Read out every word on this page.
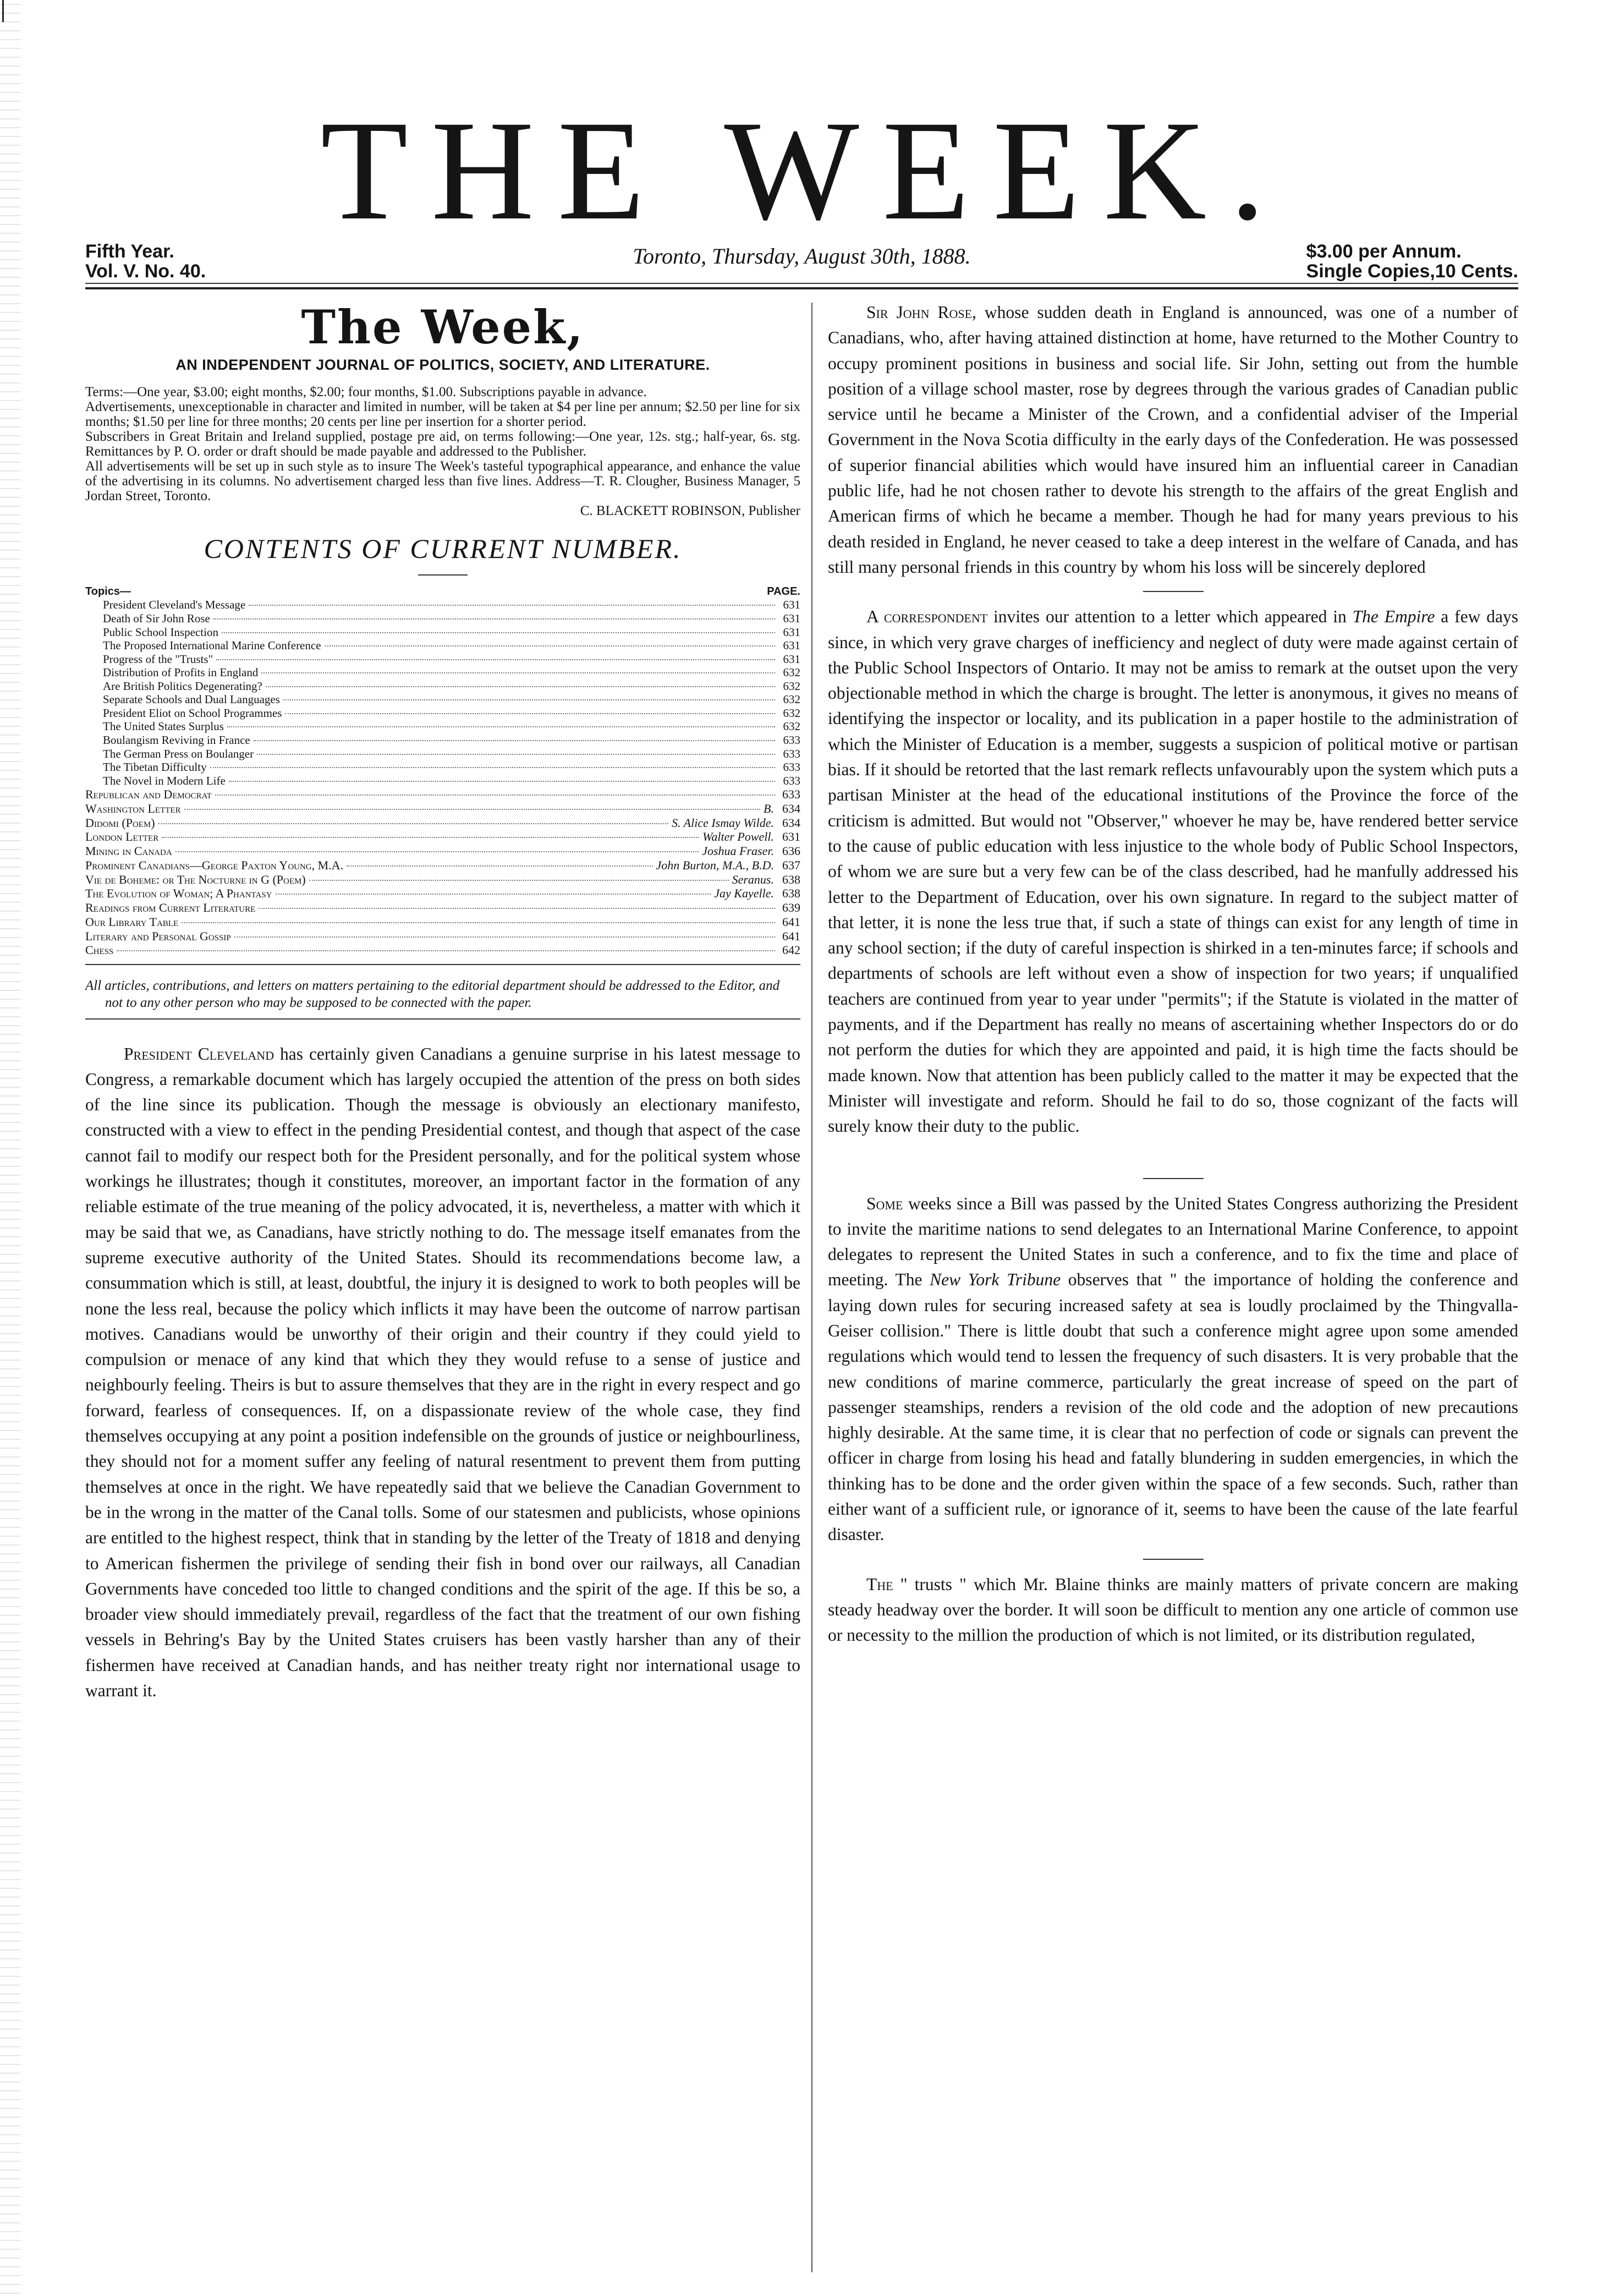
THE WEEK.
Fifth Year.
Vol. V. No. 40.
Toronto, Thursday, August 30th, 1888.	$3.00 per Annum.
Single Copies,10 Cents.
The Week,
AN INDEPENDENT JOURNAL OF POLITICS, SOCIETY, AND LITERATURE.

Terms:—One year, $3.00; eight months, $2.00; four months, $1.00. Subscriptions payable in advance.

Advertisements, unexceptionable in character and limited in number, will be taken at $4 per line per annum; $2.50 per line for six months; $1.50 per line for three months; 20 cents per line per insertion for a shorter period.

Subscribers in Great Britain and Ireland supplied, postage pre aid, on terms following:—One year, 12s. stg.; half-year, 6s. stg. Remittances by P. O. order or draft should be made payable and addressed to the Publisher.

All advertisements will be set up in such style as to insure The Week's tasteful typographical appearance, and enhance the value of the advertising in its columns. No advertisement charged less than five lines. Address—T. R. Clougher, Business Manager, 5 Jordan Street, Toronto.

C. BLACKETT ROBINSON, Publisher

CONTENTS OF CURRENT NUMBER.
Topics—	PAGE.
President Cleveland's Message	631
Death of Sir John Rose	631
Public School Inspection	631
The Proposed International Marine Conference	631
Progress of the "Trusts"	631
Distribution of Profits in England	632
Are British Politics Degenerating?	632
Separate Schools and Dual Languages	632
President Eliot on School Programmes	632
The United States Surplus	632
Boulangism Reviving in France	633
The German Press on Boulanger	633
The Tibetan Difficulty	633
The Novel in Modern Life	633
Republican and Democrat	633
Washington Letter	B. 634
Didomi (Poem)	S. Alice Ismay Wilde. 634
London Letter	Walter Powell. 631
Mining in Canada	Joshua Fraser. 636
Prominent Canadians—George Paxton Young, M.A.	John Burton, M.A., B.D. 637
Vie de Boheme: or The Nocturne in G (Poem)	Seranus. 638
The Evolution of Woman; A Phantasy	Jay Kayelle. 638
Readings from Current Literature	639
Our Library Table	641
Literary and Personal Gossip	641
Chess	642
All articles, contributions, and letters on matters pertaining to the editorial department should be addressed to the Editor, and not to any other person who may be supposed to be connected with the paper.

President Cleveland has certainly given Canadians a genuine surprise in his latest message to Congress, a remarkable document which has largely occupied the attention of the press on both sides of the line since its publication. Though the message is obviously an electionary manifesto, constructed with a view to effect in the pending Presidential contest, and though that aspect of the case cannot fail to modify our respect both for the President personally, and for the political system whose workings he illustrates; though it constitutes, moreover, an important factor in the formation of any reliable estimate of the true meaning of the policy advocated, it is, nevertheless, a matter with which it may be said that we, as Canadians, have strictly nothing to do. The message itself emanates from the supreme executive authority of the United States. Should its recommendations become law, a consummation which is still, at least, doubtful, the injury it is designed to work to both peoples will be none the less real, because the policy which inflicts it may have been the outcome of narrow partisan motives. Canadians would be unworthy of their origin and their country if they could yield to compulsion or menace of any kind that which they they would refuse to a sense of justice and neighbourly feeling. Theirs is but to assure themselves that they are in the right in every respect and go forward, fearless of consequences. If, on a dispassionate review of the whole case, they find themselves occupying at any point a position indefensible on the grounds of justice or neighbourliness, they should not for a moment suffer any feeling of natural resentment to prevent them from putting themselves at once in the right. We have repeatedly said that we believe the Canadian Government to be in the wrong in the matter of the Canal tolls. Some of our statesmen and publicists, whose opinions are entitled to the highest respect, think that in standing by the letter of the Treaty of 1818 and denying to American fishermen the privilege of sending their fish in bond over our railways, all Canadian Governments have conceded too little to changed conditions and the spirit of the age. If this be so, a broader view should immediately prevail, regardless of the fact that the treatment of our own fishing vessels in Behring's Bay by the United States cruisers has been vastly harsher than any of their fishermen have received at Canadian hands, and has neither treaty right nor international usage to warrant it.

Sir John Rose, whose sudden death in England is announced, was one of a number of Canadians, who, after having attained distinction at home, have returned to the Mother Country to occupy prominent positions in business and social life. Sir John, setting out from the humble position of a village school master, rose by degrees through the various grades of Canadian public service until he became a Minister of the Crown, and a confidential adviser of the Imperial Government in the Nova Scotia difficulty in the early days of the Confederation. He was possessed of superior financial abilities which would have insured him an influential career in Canadian public life, had he not chosen rather to devote his strength to the affairs of the great English and American firms of which he became a member. Though he had for many years previous to his death resided in England, he never ceased to take a deep interest in the welfare of Canada, and has still many personal friends in this country by whom his loss will be sincerely deplored

A correspondent invites our attention to a letter which appeared in The Empire a few days since, in which very grave charges of inefficiency and neglect of duty were made against certain of the Public School Inspectors of Ontario. It may not be amiss to remark at the outset upon the very objectionable method in which the charge is brought. The letter is anonymous, it gives no means of identifying the inspector or locality, and its publication in a paper hostile to the administration of which the Minister of Education is a member, suggests a suspicion of political motive or partisan bias. If it should be retorted that the last remark reflects unfavourably upon the system which puts a partisan Minister at the head of the educational institutions of the Province the force of the criticism is admitted. But would not "Observer," whoever he may be, have rendered better service to the cause of public education with less injustice to the whole body of Public School Inspectors, of whom we are sure but a very few can be of the class described, had he manfully addressed his letter to the Department of Education, over his own signature. In regard to the subject matter of that letter, it is none the less true that, if such a state of things can exist for any length of time in any school section; if the duty of careful inspection is shirked in a ten-minutes farce; if schools and departments of schools are left without even a show of inspection for two years; if unqualified teachers are continued from year to year under "permits"; if the Statute is violated in the matter of payments, and if the Department has really no means of ascertaining whether Inspectors do or do not perform the duties for which they are appointed and paid, it is high time the facts should be made known. Now that attention has been publicly called to the matter it may be expected that the Minister will investigate and reform. Should he fail to do so, those cognizant of the facts will surely know their duty to the public.

Some weeks since a Bill was passed by the United States Congress authorizing the President to invite the maritime nations to send delegates to an International Marine Conference, to appoint delegates to represent the United States in such a conference, and to fix the time and place of meeting. The New York Tribune observes that " the importance of holding the conference and laying down rules for securing increased safety at sea is loudly proclaimed by the Thingvalla-Geiser collision." There is little doubt that such a conference might agree upon some amended regulations which would tend to lessen the frequency of such disasters. It is very probable that the new conditions of marine commerce, particularly the great increase of speed on the part of passenger steamships, renders a revision of the old code and the adoption of new precautions highly desirable. At the same time, it is clear that no perfection of code or signals can prevent the officer in charge from losing his head and fatally blundering in sudden emergencies, in which the thinking has to be done and the order given within the space of a few seconds. Such, rather than either want of a sufficient rule, or ignorance of it, seems to have been the cause of the late fearful disaster.

The " trusts " which Mr. Blaine thinks are mainly matters of private concern are making steady headway over the border. It will soon be difficult to mention any one article of common use or necessity to the million the production of which is not limited, or its distribution regulated,
